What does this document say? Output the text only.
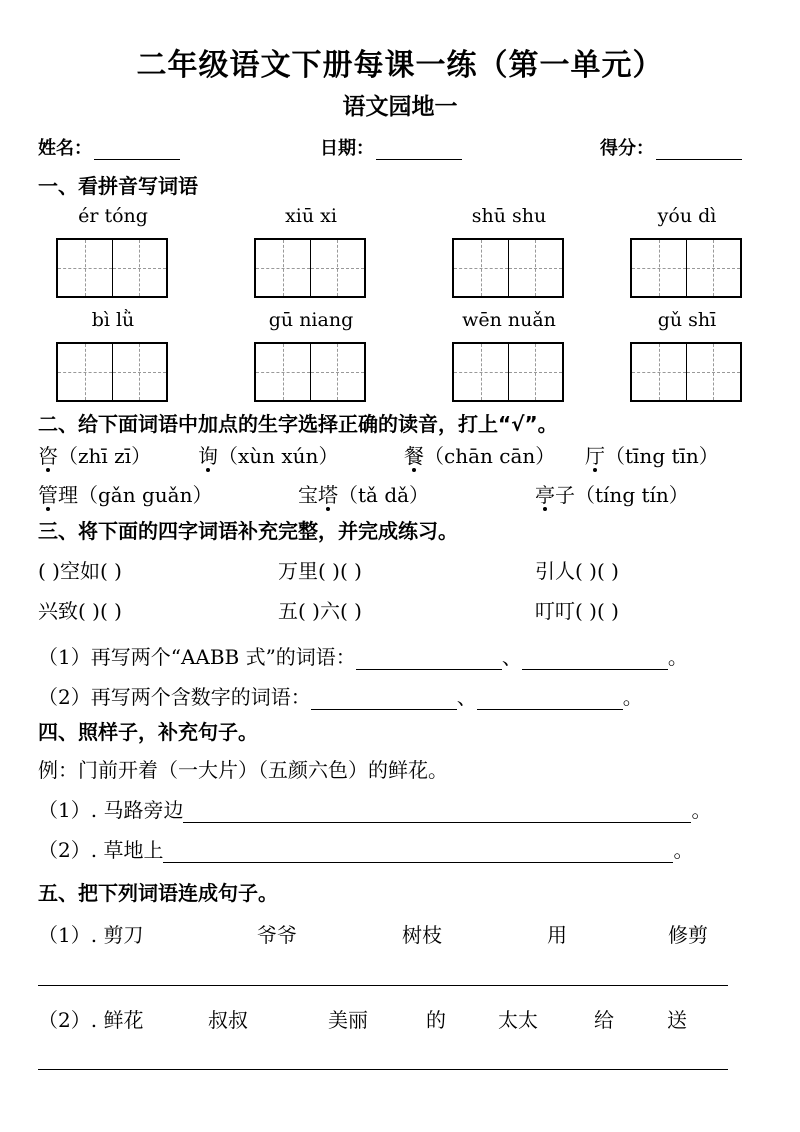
二年级语文下册每课一练（第一单元）
语文园地一
姓名：	日期：	得分：
一、看拼音写词语
ér tóng	xiū xi	shū shu	yóu dì
bì lǜ	gū niang	wēn nuǎn	gǔ shī
二、给下面词语中加点的生字选择正确的读音，打上“√”。
咨（zhī zī） 询（xùn xún）	餐（chān cān） 厅（tīng tīn）
管理（gǎn guǎn）	宝塔（tǎ dǎ）	亭子（tíng tín）
三、将下面的四字词语补充完整，并完成练习。
( )空如( )	万里( )( )	引人( )( )
兴致( )( )	五( )六( )	叮叮( )( )
（1）再写两个“AABB 式”的词语：	、	。
（2）再写两个含数字的词语：	、	。
四、照样子，补充句子。
例：门前开着（一大片）（五颜六色）的鲜花。
（1）. 马路旁边	。
（2）. 草地上	。
五、把下列词语连成句子。
（1）. 剪刀	爷爷	树枝	用	修剪
（2）. 鲜花	叔叔	美丽	的	太太	给	送
